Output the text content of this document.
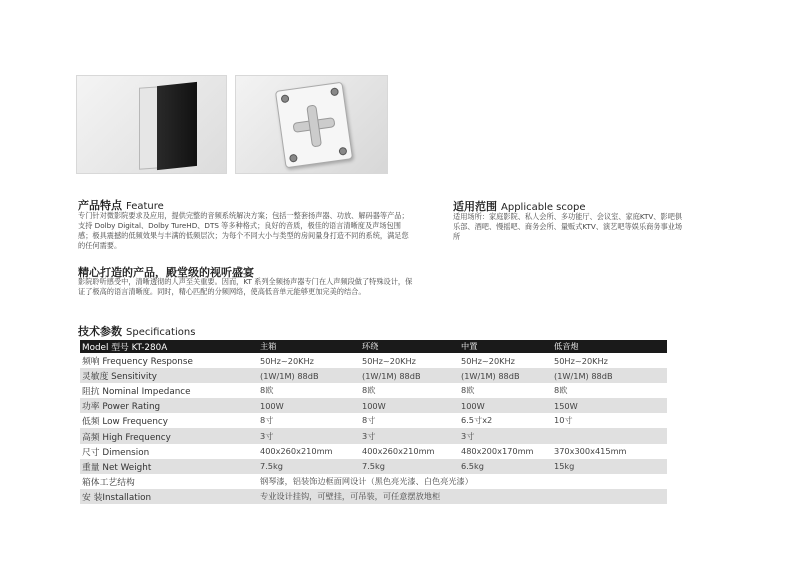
产品特点 Feature
专门针对微影院要求及应用，提供完整的音频系统解决方案；包括一整套扬声器、功放、解码器等产品；支持 Dolby Digital、Dolby TureHD、DTS 等多种格式；良好的音质，极佳的语言清晰度及声场包围感；极具震撼的低频效果与丰满的低频层次；为每个不同大小与类型的房间量身打造不同的系统，满足您的任何需要。
精心打造的产品，殿堂级的视听盛宴
影院聆听感受中，清晰透彻的人声至关重要。因而，KT 系列全频扬声器专门在人声频段做了特殊设计，保证了极高的语言清晰度。同时，精心匹配的分频网络，使高低音单元能够更加完美的结合。
适用范围 Applicable scope
适用场所：家庭影院、私人会所、多功能厅、会议室、家庭KTV、影吧俱乐部、酒吧、慢摇吧、商务会所、量贩式KTV、演艺吧等娱乐商务事业场所
技术参数 Specifications
Model 型号 KT-280A	主箱	环绕	中置	低音炮
频响 Frequency Response	50Hz~20KHz	50Hz~20KHz	50Hz~20KHz	50Hz~20KHz
灵敏度 Sensitivity	(1W/1M) 88dB	(1W/1M) 88dB	(1W/1M) 88dB	(1W/1M) 88dB
阻抗 Nominal Impedance	8欧	8欧	8欧	8欧
功率 Power Rating	100W	100W	100W	150W
低频 Low Frequency	8寸	8寸	6.5寸x2	10寸
高频 High Frequency	3寸	3寸	3寸	
尺寸 Dimension	400x260x210mm	400x260x210mm	480x200x170mm	370x300x415mm
重量 Net Weight	7.5kg	7.5kg	6.5kg	15kg
箱体工艺结构	钢琴漆，铝装饰边框面网设计（黑色亮光漆、白色亮光漆）			
安 装Installation	专业设计挂钩，可壁挂，可吊装，可任意摆放地柜			
